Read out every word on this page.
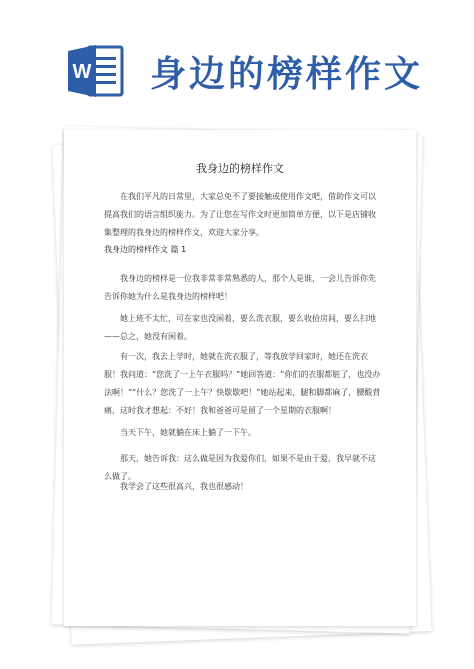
W 身边的榜样作文
我身边的榜样作文
在我们平凡的日常里，大家总免不了要接触或使用作文吧，借助作文可以提高我们的语言组织能力。为了让您在写作文时更加简单方便，以下是店铺收集整理的我身边的榜样作文，欢迎大家分享。
我身边的榜样作文 篇 1
我身边的榜样是一位我非常非常熟悉的人，那个人是谁，一会儿告诉你先告诉你她为什么是我身边的榜样吧！
她上班不太忙，可在家也没闲着，要么洗衣服，要么收拾房间，要么扫地——总之，她没有闲着。
有一次，我去上学时，她就在洗衣服了，等我放学回家时，她还在洗衣服！我问道：“您洗了一上午衣服吗？”她回答道：“你们的衣服都脏了，也没办法啊！”“什么？您洗了一上午？快歇歇吧！”她站起来，腿和脚都麻了，腰酸背痛，这时我才想起：不好！我和爸爸可是留了一个星期的衣服啊！
当天下午，她就躺在床上躺了一下午。
那天，她告诉我：这么做是因为我爱你们，如果不是由于爱，我早就不这么做了。
我学会了这些很高兴，我也很感动！
